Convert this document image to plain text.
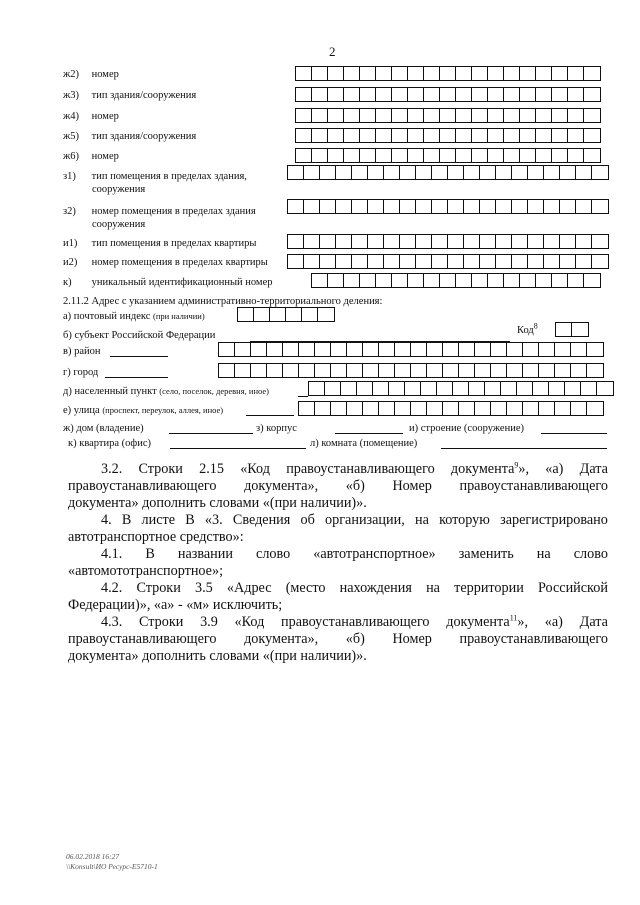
2
ж2) номер
ж3) тип здания/сооружения
ж4) номер
ж5) тип здания/сооружения
ж6) номер
з1) тип помещения в пределах здания,
сооружения
з2) номер помещения в пределах здания
сооружения
и1) тип помещения в пределах квартиры
и2) номер помещения в пределах квартиры
к) уникальный идентификационный номер
2.11.2 Адрес с указанием административно-территориального деления:
а) почтовый индекс (при наличии)
б) субъект Российской Федерации	Код$^8$
в) район
г) город
д) населенный пункт (село, поселок, деревня, иное)
е) улица (проспект, переулок, аллея, иное)
ж) дом (владение)	з) корпус	и) строение (сооружение)
к) квартира (офис)	л) комната (помещение)

3.2. Строки 2.15 «Код правоустанавливающего документа$^9$», «а) Дата

правоустанавливающего документа», «б) Номер правоустанавливающего

документа» дополнить словами «(при наличии)».

4. В листе В «3. Сведения об организации, на которую зарегистрировано

автотранспортное средство»:

4.1. В названии слово «автотранспортное» заменить на слово

«автомототранспортное»;

4.2. Строки 3.5 «Адрес (место нахождения на территории Российской

Федерации)», «а» - «м» исключить;

4.3. Строки 3.9 «Код правоустанавливающего документа$^{11}$», «а) Дата

правоустанавливающего документа», «б) Номер правоустанавливающего

документа» дополнить словами «(при наличии)».

06.02.2018 16:27
\\Konsult\ИО Ресурс-Е5710-1
